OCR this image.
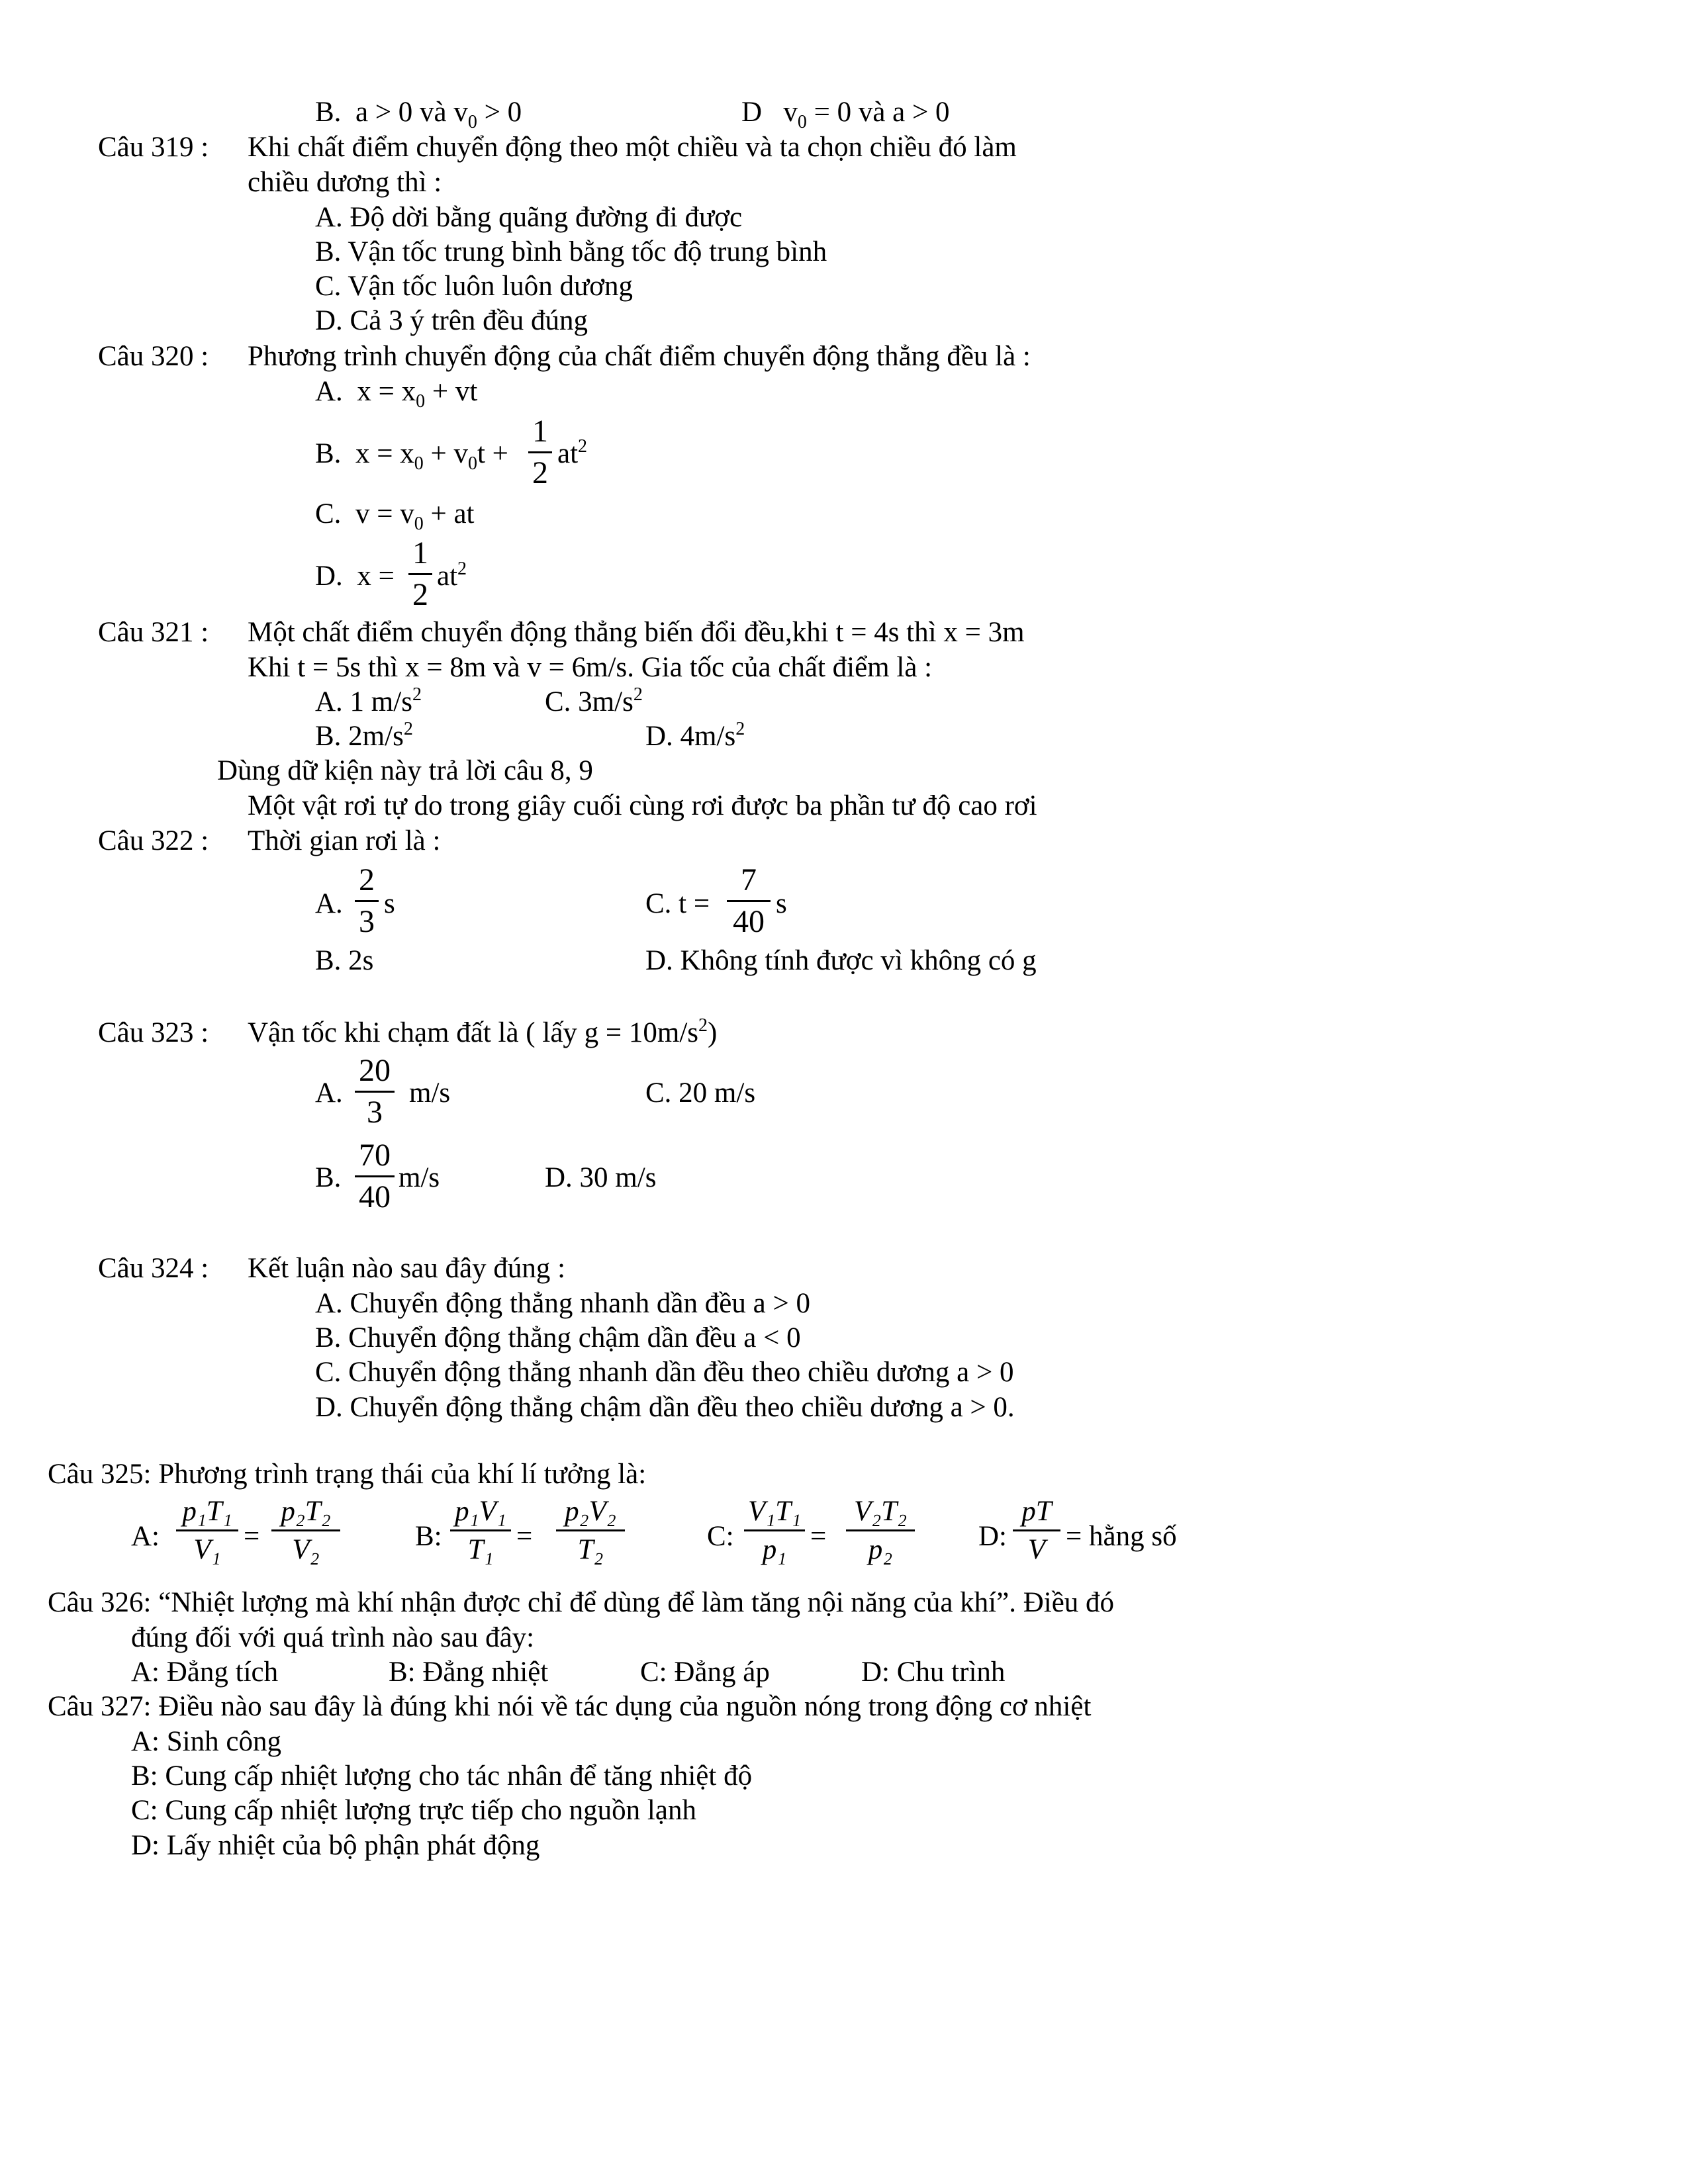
B. a > 0 và $v_0 > 0$	D $v_0 = 0$ và a > 0
Câu 319 : Khi chất điểm chuyển động theo một chiều và ta chọn chiều đó làm
chiều dương thì :
A. Độ dời bằng quãng đường đi được
B. Vận tốc trung bình bằng tốc độ trung bình
C. Vận tốc luôn luôn dương
D. Cả 3 ý trên đều đúng
Câu 320 : Phương trình chuyển động của chất điểm chuyển động thẳng đều là :
A. $x = x_0$ + vt
B. $x = x_0 + v_0t$ +
1
2
$at^2$
C. $v = v_0$ + at
D. x =
1
2
$at^2$
Câu 321 : Một chất điểm chuyển động thẳng biến đổi đều,khi t = 4s thì x = 3m
Khi t = 5s thì x = 8m và v = 6m/s. Gia tốc của chất điểm là :
A. 1 $m/s^2$	C. $3m/s^2$
B. $2m/s^2$	D. $4m/s^2$
Dùng dữ kiện này trả lời câu 8, 9
Một vật rơi tự do trong giây cuối cùng rơi được ba phần tư độ cao rơi
Câu 322 : Thời gian rơi là :
A.
2
3
s	C. t =
7
40
s
B. 2s	D. Không tính được vì không có g
Câu 323 : Vận tốc khi chạm đất là ( lấy $g = 10m/s^2$)
A.
20
3
m/s	C. 20 m/s
B.
70
40
m/s	D. 30 m/s
Câu 324 : Kết luận nào sau đây đúng :
A. Chuyển động thẳng nhanh dần đều a > 0
B. Chuyển động thẳng chậm dần đều a < 0
C. Chuyển động thẳng nhanh dần đều theo chiều dương a > 0
D. Chuyển động thẳng chậm dần đều theo chiều dương a > 0.
Câu 325: Phương trình trạng thái của khí lí tưởng là:
A:
p₁T₁
V₁ =
p₂T₂
V₂	B:
p₁V₁
T₁ =
p₂V₂
T₂	C:
V₁T₁
p₁ =
V₂T₂
p₂	D:
pT
V = hằng số
Câu 326: “Nhiệt lượng mà khí nhận được chỉ để dùng để làm tăng nội năng của khí”. Điều đó
đúng đối với quá trình nào sau đây:
A: Đẳng tích	B: Đẳng nhiệt	C: Đẳng áp	D: Chu trình
Câu 327: Điều nào sau đây là đúng khi nói về tác dụng của nguồn nóng trong động cơ nhiệt
A: Sinh công
B: Cung cấp nhiệt lượng cho tác nhân để tăng nhiệt độ
C: Cung cấp nhiệt lượng trực tiếp cho nguồn lạnh
D: Lấy nhiệt của bộ phận phát động
